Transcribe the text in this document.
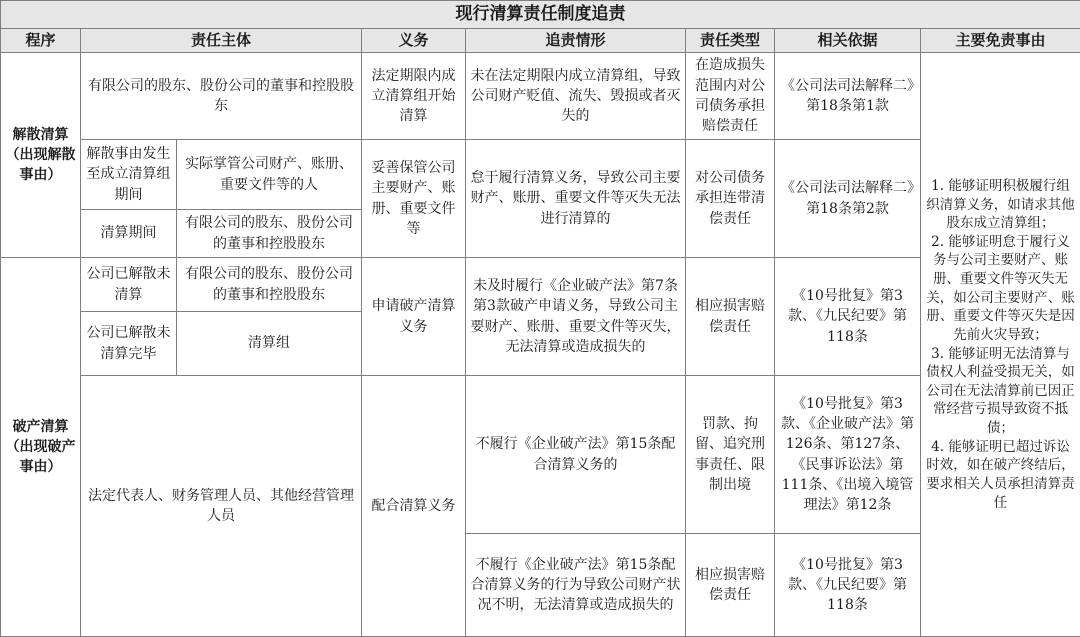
现行清算责任制度追责							
程序	责任主体		义务	追责情形	责任类型	相关依据	主要免责事由

解散清算
（出现解散事由）	有限公司的股东、股份公司的董事和控股股东		法定期限内成立清算组开始清算	未在法定期限内成立清算组，导致公司财产贬值、流失、毁损或者灭失的	在造成损失范围内对公司债务承担赔偿责任	《公司法司法解释二》第18条第1款	1. 能够证明积极履行组织清算义务，如请求其他股东成立清算组；
2. 能够证明怠于履行义务与公司主要财产、账册、重要文件等灭失无关，如公司主要财产、账册、重要文件等灭失是因先前火灾导致；
3. 能够证明无法清算与债权人利益受损无关，如公司在无法清算前已因正常经营亏损导致资不抵债；
4. 能够证明已超过诉讼时效，如在破产终结后，要求相关人员承担清算责任

	解散事由发生至成立清算组期间	实际掌管公司财产、账册、重要文件等的人	妥善保管公司主要财产、账册、重要文件等	怠于履行清算义务，导致公司主要财产、账册、重要文件等灭失无法进行清算的	对公司债务承担连带清偿责任	《公司法司法解释二》第18条第2款	
	清算期间	有限公司的股东、股份公司的董事和控股股东					

破产清算
（出现破产事由）	公司已解散未清算	有限公司的股东、股份公司的董事和控股股东	申请破产清算义务	未及时履行《企业破产法》第7条第3款破产申请义务，导致公司主要财产、账册、重要文件等灭失，无法清算或造成损失的	相应损害赔偿责任	《10号批复》第3款、《九民纪要》第118条	
	公司已解散未清算完毕	清算组					
	法定代表人、财务管理人员、其他经营管理人员		配合清算义务	不履行《企业破产法》第15条配合清算义务的	罚款、拘留、追究刑事责任、限制出境	《10号批复》第3款、《企业破产法》第126条、第127条、《民事诉讼法》第111条、《出境入境管理法》第12条	
				不履行《企业破产法》第15条配合清算义务的行为导致公司财产状况不明，无法清算或造成损失的	相应损害赔偿责任	《10号批复》第3款、《九民纪要》第118条	
